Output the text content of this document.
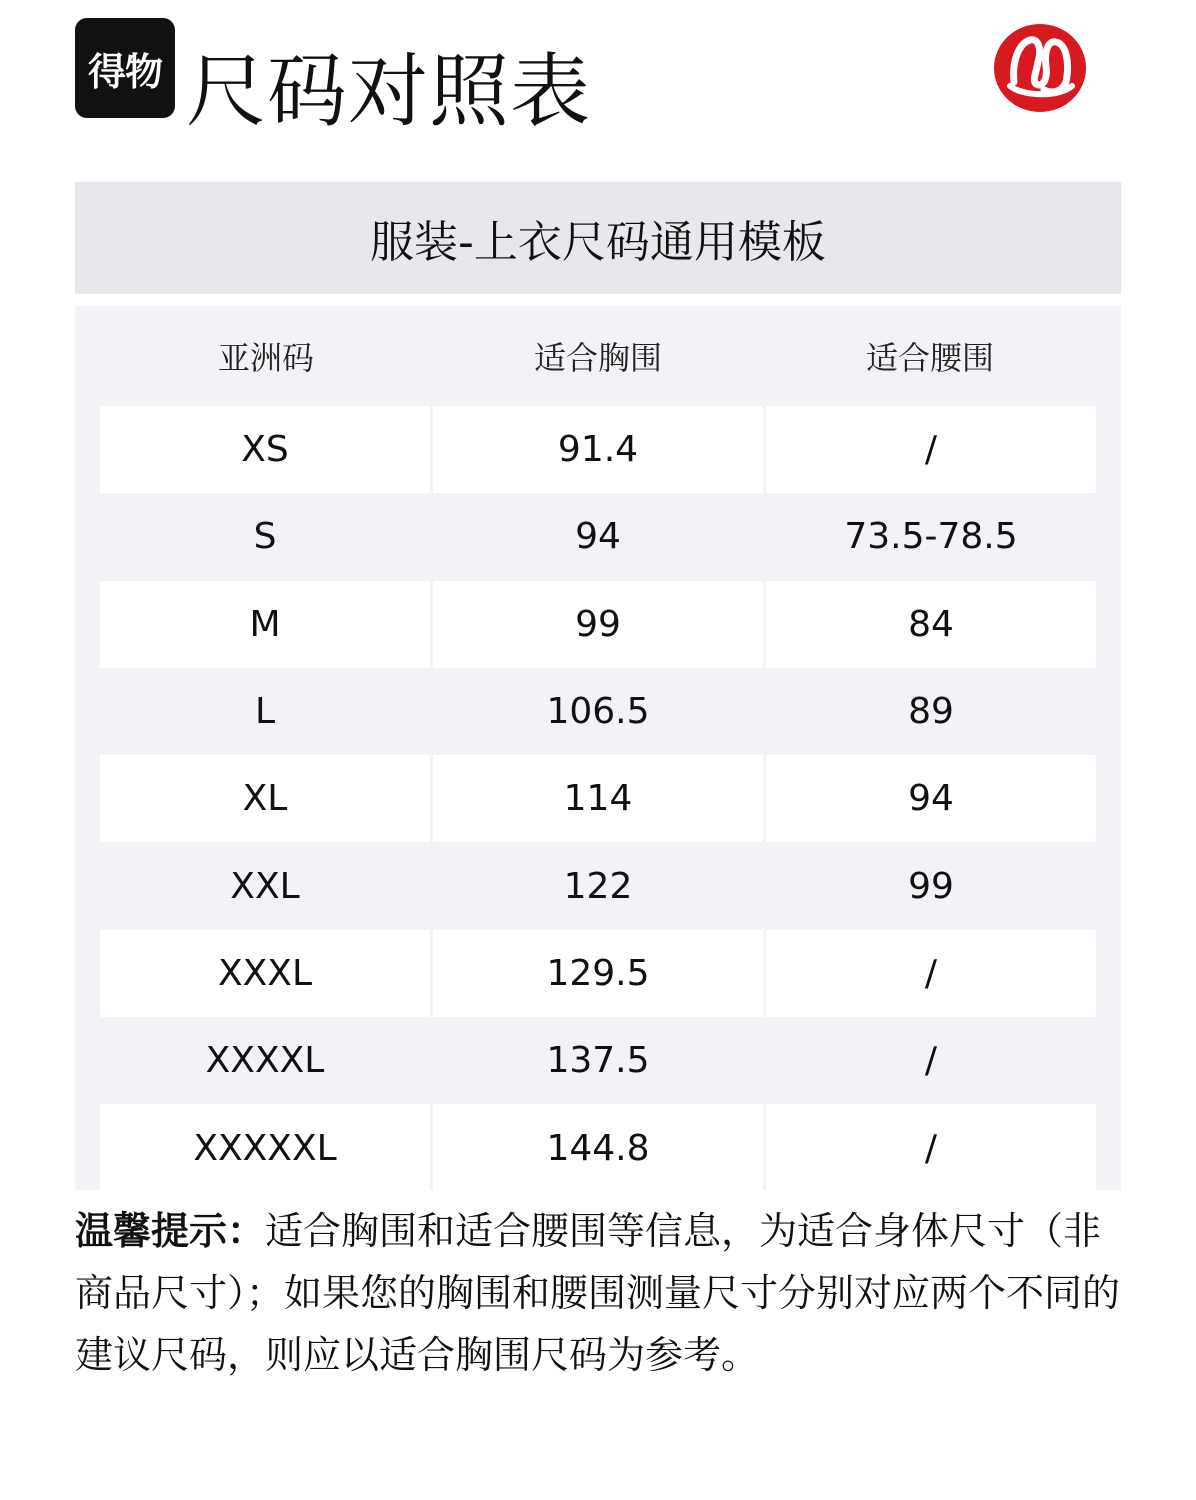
得物 尺码对照表
服装-上衣尺码通用模板
亚洲码	适合胸围	适合腰围
XS	91.4	/
S	94	73.5-78.5
M	99	84
L	106.5	89
XL	114	94
XXL	122	99
XXXL	129.5	/
XXXXL	137.5	/
XXXXXL	144.8	/
温馨提示：适合胸围和适合腰围等信息，为适合身体尺寸（非商品尺寸）；如果您的胸围和腰围测量尺寸分别对应两个不同的建议尺码，则应以适合胸围尺码为参考。
